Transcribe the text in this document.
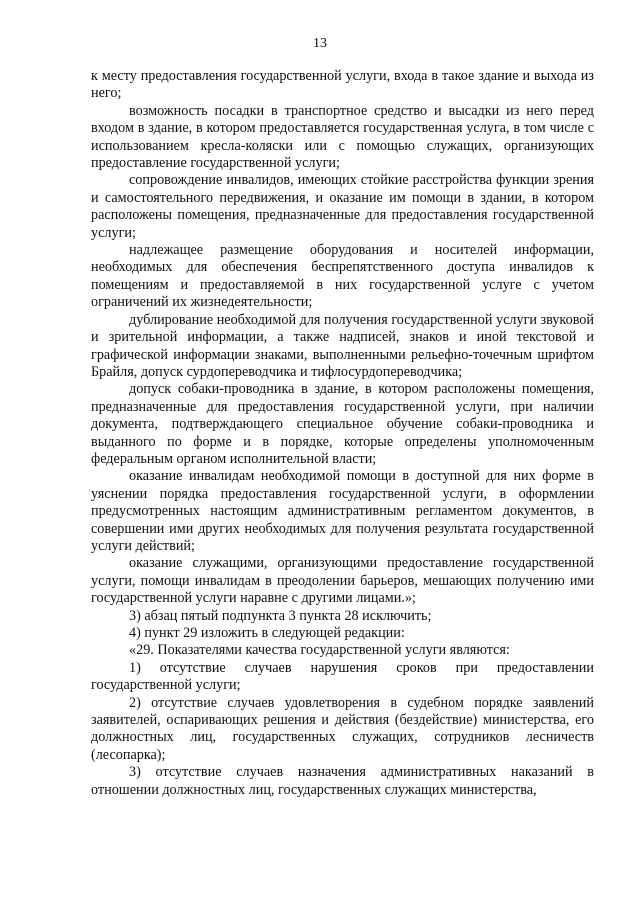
13

к месту предоставления государственной услуги, входа в такое здание и выхода из него;

возможность посадки в транспортное средство и высадки из него перед входом в здание, в котором предоставляется государственная услуга, в том числе с использованием кресла-коляски или с помощью служащих, организующих предоставление государственной услуги;

сопровождение инвалидов, имеющих стойкие расстройства функции зрения и самостоятельного передвижения, и оказание им помощи в здании, в котором расположены помещения, предназначенные для предоставления государственной услуги;

надлежащее размещение оборудования и носителей информации, необходимых для обеспечения беспрепятственного доступа инвалидов к помещениям и предоставляемой в них государственной услуге с учетом ограничений их жизнедеятельности;

дублирование необходимой для получения государственной услуги звуковой и зрительной информации, а также надписей, знаков и иной текстовой и графической информации знаками, выполненными рельефно-точечным шрифтом Брайля, допуск сурдопереводчика и тифлосурдопереводчика;

допуск собаки-проводника в здание, в котором расположены помещения, предназначенные для предоставления государственной услуги, при наличии документа, подтверждающего специальное обучение собаки-проводника и выданного по форме и в порядке, которые определены уполномоченным федеральным органом исполнительной власти;

оказание инвалидам необходимой помощи в доступной для них форме в уяснении порядка предоставления государственной услуги, в оформлении предусмотренных настоящим административным регламентом документов, в совершении ими других необходимых для получения результата государственной услуги действий;

оказание служащими, организующими предоставление государственной услуги, помощи инвалидам в преодолении барьеров, мешающих получению ими государственной услуги наравне с другими лицами.»;

3) абзац пятый подпункта 3 пункта 28 исключить;

4) пункт 29 изложить в следующей редакции:

«29. Показателями качества государственной услуги являются:

1) отсутствие случаев нарушения сроков при предоставлении государственной услуги;

2) отсутствие случаев удовлетворения в судебном порядке заявлений заявителей, оспаривающих решения и действия (бездействие) министерства, его должностных лиц, государственных служащих, сотрудников лесничеств (лесопарка);

3) отсутствие случаев назначения административных наказаний в отношении должностных лиц, государственных служащих министерства,
